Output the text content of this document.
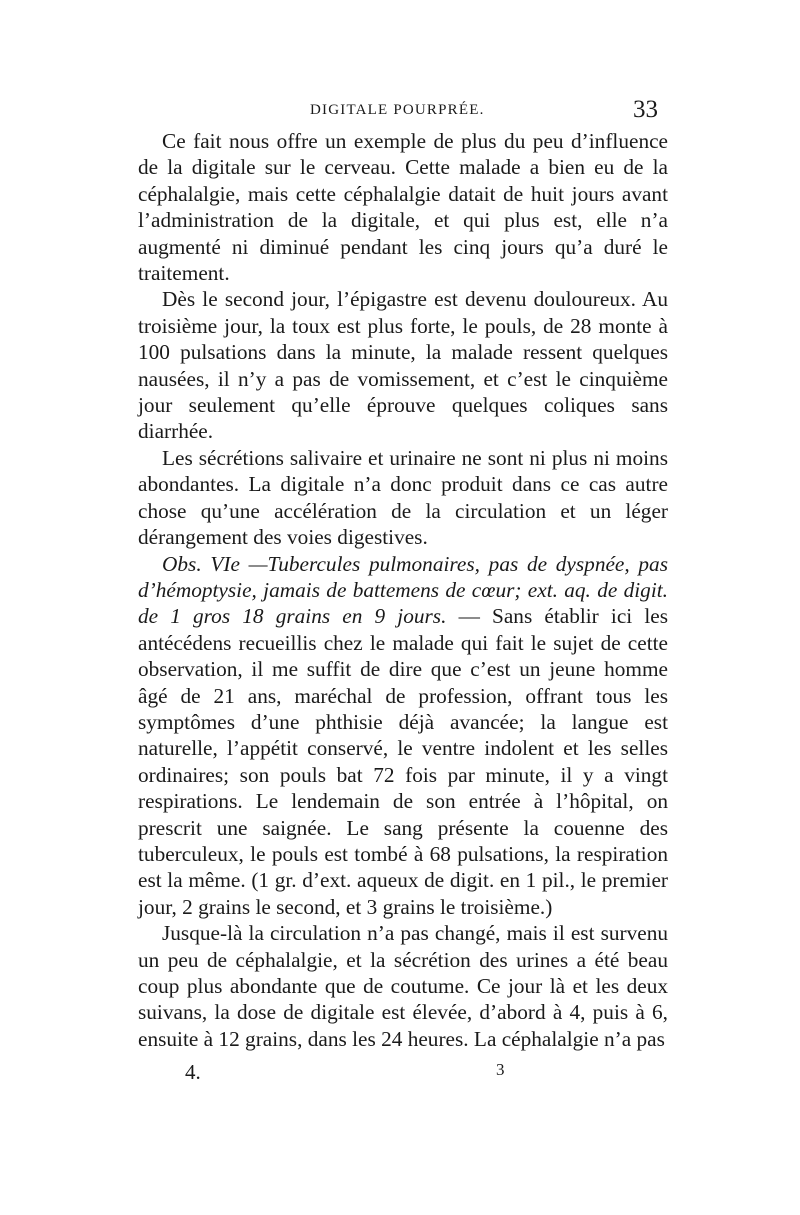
DIGITALE POURPRÉE.	33

Ce fait nous offre un exemple de plus du peu d’influence de la digitale sur le cerveau. Cette malade a bien eu de la céphalalgie, mais cette céphalalgie datait de huit jours avant l’administration de la digitale, et qui plus est, elle n’a augmenté ni diminué pendant les cinq jours qu’a duré le traitement.

Dès le second jour, l’épigastre est devenu douloureux. Au troisième jour, la toux est plus forte, le pouls, de 28 monte à 100 pulsations dans la minute, la malade ressent quelques nausées, il n’y a pas de vomissement, et c’est le cinquième jour seulement qu’elle éprouve quelques coliques sans diarrhée.

Les sécrétions salivaire et urinaire ne sont ni plus ni moins abondantes. La digitale n’a donc produit dans ce cas autre chose qu’une accélération de la circulation et un léger dérangement des voies digestives.

Obs. VIe —Tubercules pulmonaires, pas de dyspnée, pas d’hémoptysie, jamais de battemens de cœur; ext. aq. de digit. de 1 gros 18 grains en 9 jours. — Sans établir ici les antécédens recueillis chez le malade qui fait le sujet de cette observation, il me suffit de dire que c’est un jeune homme âgé de 21 ans, maréchal de profession, offrant tous les symptômes d’une phthisie déjà avancée; la langue est naturelle, l’appétit conservé, le ventre indolent et les selles ordinaires; son pouls bat 72 fois par minute, il y a vingt respirations. Le lendemain de son entrée à l’hôpital, on prescrit une saignée. Le sang présente la couenne des tuberculeux, le pouls est tombé à 68 pulsations, la respiration est la même. (1 gr. d’ext. aqueux de digit. en 1 pil., le premier jour, 2 grains le second, et 3 grains le troisième.)

Jusque-là la circulation n’a pas changé, mais il est survenu un peu de céphalalgie, et la sécrétion des urines a été beau coup plus abondante que de coutume. Ce jour là et les deux suivans, la dose de digitale est élevée, d’abord à 4, puis à 6, ensuite à 12 grains, dans les 24 heures. La céphalalgie n’a pas

4.	3
